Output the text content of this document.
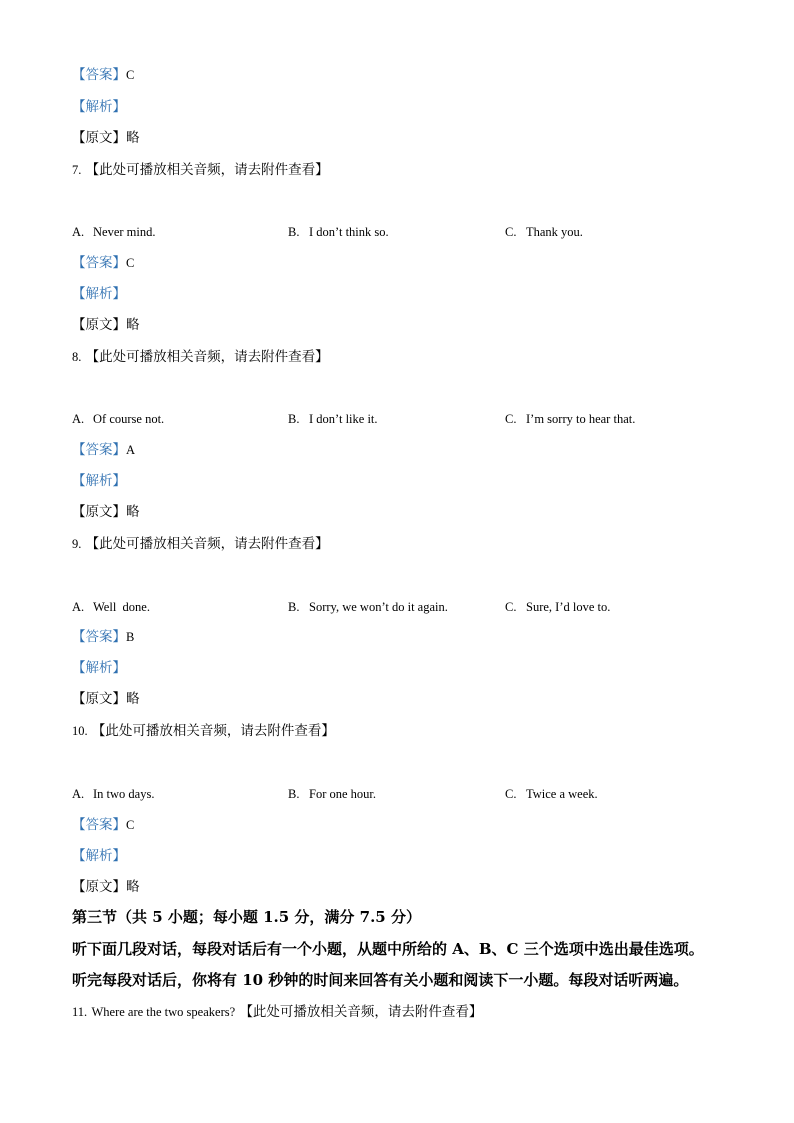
【答案】C
【解析】
【原文】略
7. 【此处可播放相关音频，请去附件查看】
A. Never mind.	B. I don’t think so.	C. Thank you.
【答案】C
【解析】
【原文】略
8. 【此处可播放相关音频，请去附件查看】
A. Of course not.	B. I don’t like it.	C. I’m sorry to hear that.
【答案】A
【解析】
【原文】略
9. 【此处可播放相关音频，请去附件查看】
A. Well  done.	B. Sorry, we won’t do it again.	C. Sure, I’d love to.
【答案】B
【解析】
【原文】略
10. 【此处可播放相关音频，请去附件查看】
A. In two days.	B. For one hour.	C. Twice a week.
【答案】C
【解析】
【原文】略
第三节（共 5 小题；每小题 1.5 分，满分 7.5 分）
听下面几段对话，每段对话后有一个小题，从题中所给的 A、B、C 三个选项中选出最佳选项。
听完每段对话后，你将有 10 秒钟的时间来回答有关小题和阅读下一小题。每段对话听两遍。
11. Where are the two speakers? 【此处可播放相关音频，请去附件查看】
